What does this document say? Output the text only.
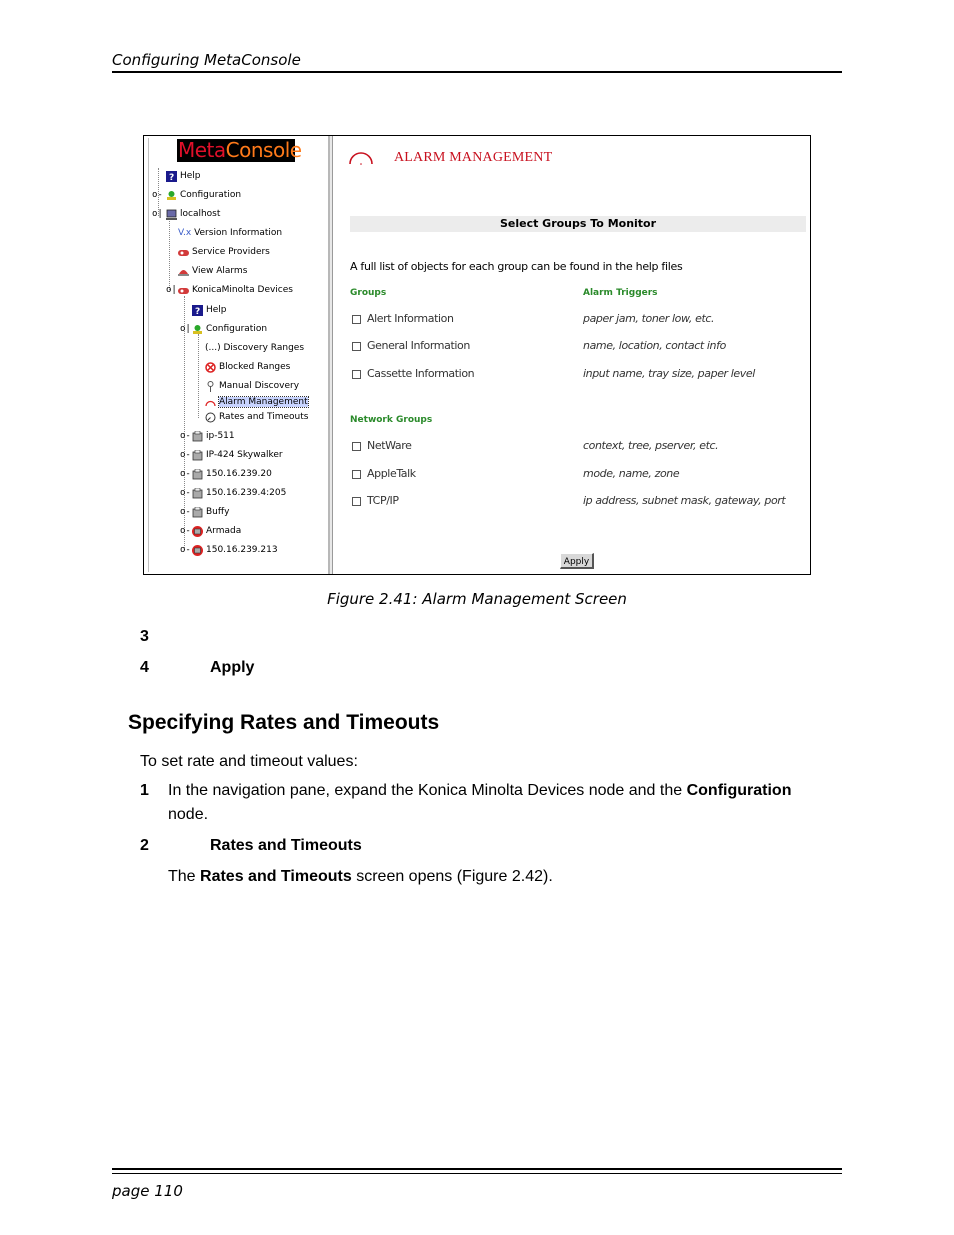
Configuring MetaConsole
MetaConsole
? Help
o-	Configuration
o|	localhost
V.x Version Information
Service Providers
View Alarms
o|	KonicaMinolta Devices
? Help
o|	Configuration
(...) Discovery Ranges
Blocked Ranges
Manual Discovery
Alarm Management
Rates and Timeouts
o-	ip-511
o-	IP-424 Skywalker
o-	150.16.239.20
o-	150.16.239.4:205
o-	Buffy
o-	Armada
o-	150.16.239.213
ALARM MANAGEMENT
Select Groups To Monitor
A full list of objects for each group can be found in the help files
Groups	Alarm Triggers
Alert Information	paper jam, toner low, etc.
General Information	name, location, contact info
Cassette Information	input name, tray size, paper level
Network Groups
NetWare	context, tree, pserver, etc.
AppleTalk	mode, name, zone
TCP/IP	ip address, subnet mask, gateway, port
Apply
Figure 2.41: Alarm Management Screen
3
4	Apply
Specifying Rates and Timeouts
To set rate and timeout values:
1 In the navigation pane, expand the Konica Minolta Devices node and the Configuration
node.
2	Rates and Timeouts
The Rates and Timeouts screen opens (Figure 2.42).
page 110
